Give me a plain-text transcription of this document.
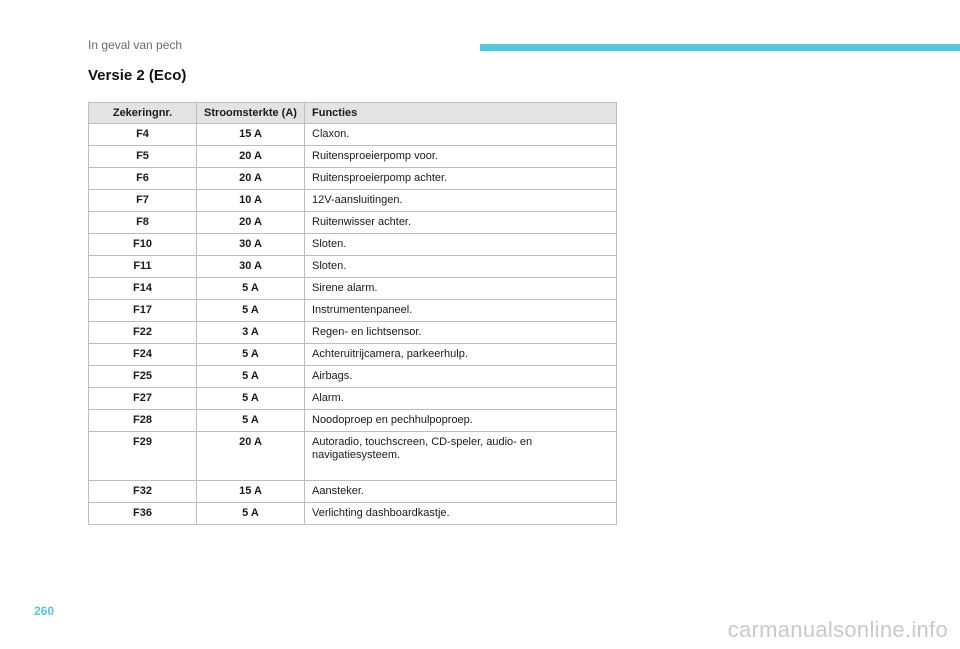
In geval van pech
Versie 2 (Eco)
Zekeringnr.	Stroomsterkte (A)	Functies
F4	15 A	Claxon.
F5	20 A	Ruitensproeierpomp voor.
F6	20 A	Ruitensproeierpomp achter.
F7	10 A	12V-aansluitingen.
F8	20 A	Ruitenwisser achter.
F10	30 A	Sloten.
F11	30 A	Sloten.
F14	5 A	Sirene alarm.
F17	5 A	Instrumentenpaneel.
F22	3 A	Regen- en lichtsensor.
F24	5 A	Achteruitrijcamera, parkeerhulp.
F25	5 A	Airbags.
F27	5 A	Alarm.
F28	5 A	Noodoproep en pechhulpoproep.
F29	20 A	Autoradio, touchscreen, CD-speler, audio- en navigatiesysteem.
F32	15 A	Aansteker.
F36	5 A	Verlichting dashboardkastje.
260
carmanualsonline.info
